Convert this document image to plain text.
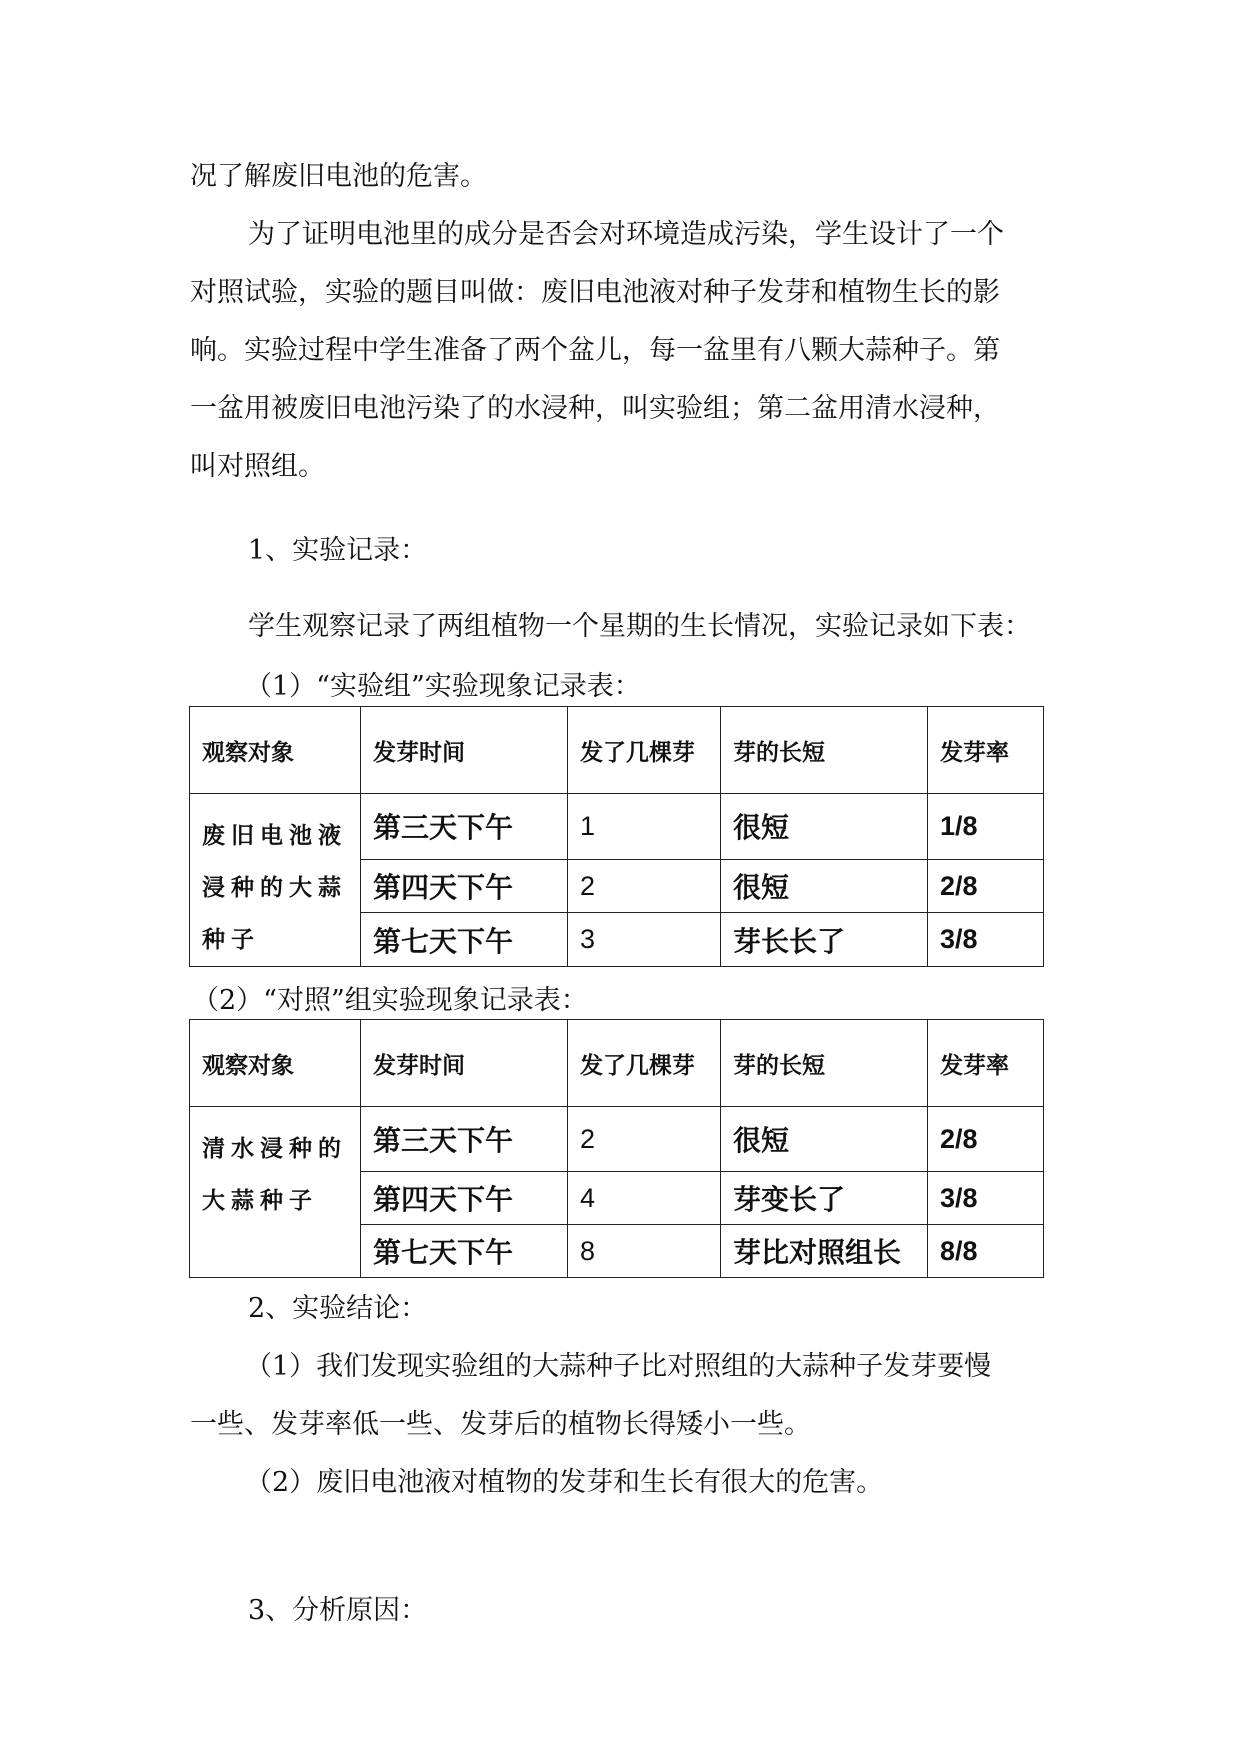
况了解废旧电池的危害。
为了证明电池里的成分是否会对环境造成污染，学生设计了一个
对照试验，实验的题目叫做：废旧电池液对种子发芽和植物生长的影
响。实验过程中学生准备了两个盆儿，每一盆里有八颗大蒜种子。第
一盆用被废旧电池污染了的水浸种，叫实验组；第二盆用清水浸种，
叫对照组。
1、实验记录：
学生观察记录了两组植物一个星期的生长情况，实验记录如下表：
（1）“实验组”实验现象记录表：
观察对象	发芽时间	发了几棵芽	芽的长短	发芽率
废旧电池液浸种的大蒜种子	第三天下午	1	很短	1/8
	第四天下午	2	很短	2/8
	第七天下午	3	芽长长了	3/8
（2）“对照”组实验现象记录表：
观察对象	发芽时间	发了几棵芽	芽的长短	发芽率
清水浸种的大蒜种子	第三天下午	2	很短	2/8
	第四天下午	4	芽变长了	3/8
	第七天下午	8	芽比对照组长	8/8
2、实验结论：
（1）我们发现实验组的大蒜种子比对照组的大蒜种子发芽要慢
一些、发芽率低一些、发芽后的植物长得矮小一些。
（2）废旧电池液对植物的发芽和生长有很大的危害。
3、分析原因：
